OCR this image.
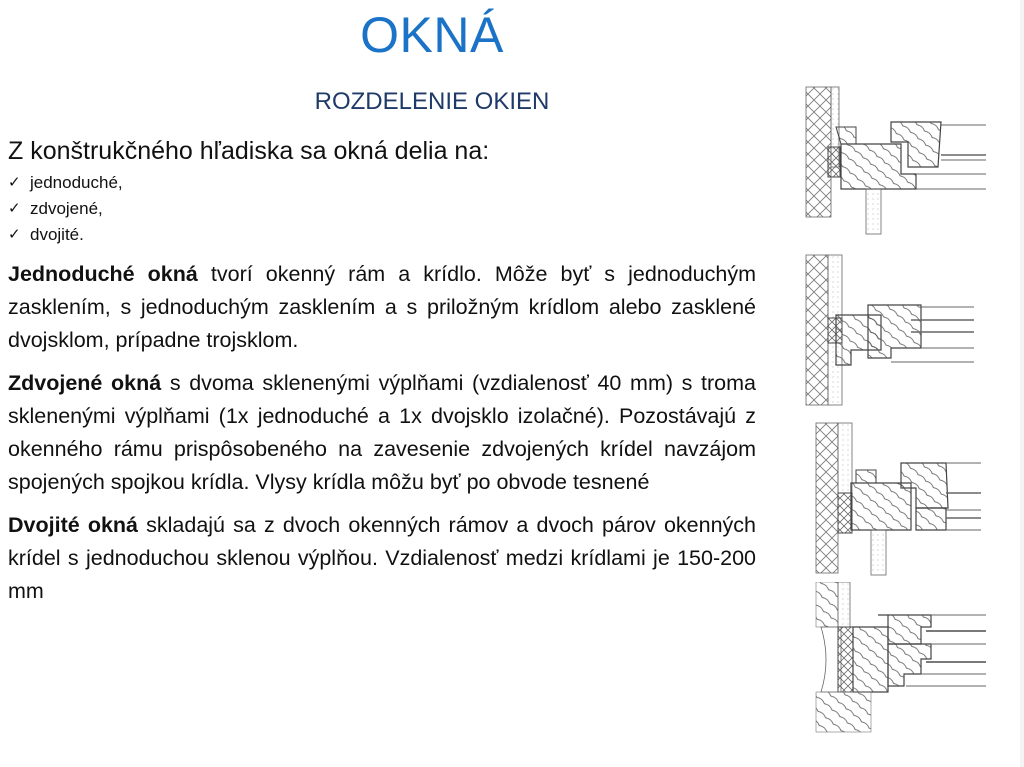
OKNÁ
ROZDELENIE OKIEN

Z konštrukčného hľadiska sa okná delia na:

✓ jednoduché,
✓ zdvojené,
✓ dvojité.

Jednoduché okná tvorí okenný rám a krídlo. Môže byť s jednoduchým zasklením, s jednoduchým zasklením a s priložným krídlom alebo zasklené dvojsklom, prípadne trojsklom.

Zdvojené okná s dvoma sklenenými výplňami (vzdialenosť 40 mm) s troma sklenenými výplňami (1x jednoduché a 1x dvojsklo izolačné). Pozostávajú z okenného rámu prispôsobeného na zavesenie zdvojených krídel navzájom spojených spojkou krídla. Vlysy krídla môžu byť po obvode tesnené

Dvojité okná skladajú sa z dvoch okenných rámov a dvoch párov okenných krídel s jednoduchou sklenou výplňou. Vzdialenosť medzi krídlami je 150-200 mm
